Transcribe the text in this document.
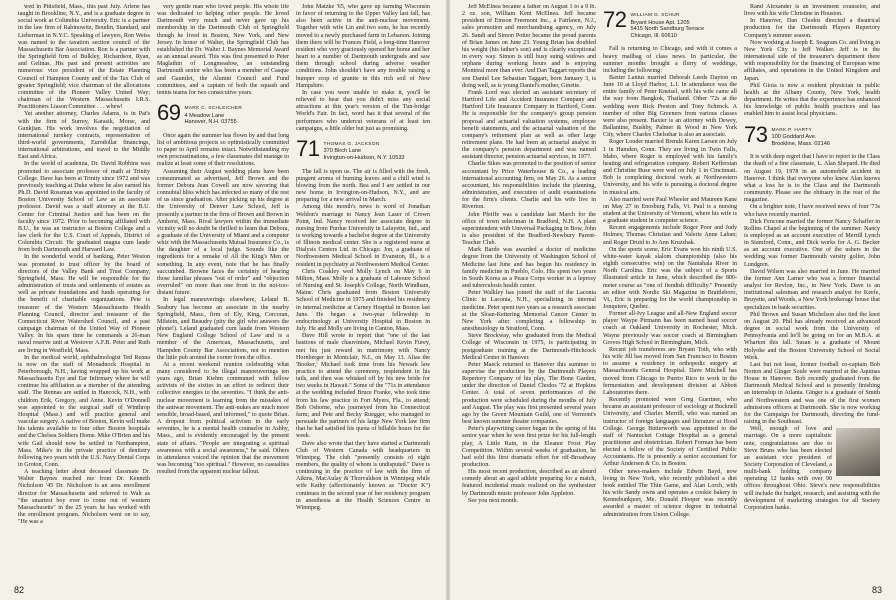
wed in Pittsfield, Mass., this past July. Arlene has taught in Brookline, N.Y., and is a graduate degree in social work at Columbia University. Eric is a partner in the law firm of Rabinowitz, Boudin, Standard, and Lieberman in N.Y.C. Speaking of lawyers, Ron Weiss was named to the taxation section council of the Massachusetts Bar Association. Ron is a partner with the Springfield firm of Bulkley, Richardson, Ryan, and Gelinas. His past and present activities are numerous: vice president of the Estate Planning Council of Hampton County and of the Tax Club of greater Springfield; vice chairman of the allocations committee of the Pioneer Valley United Way; chairman of the Western Massachusetts I.R.S. Practitioners Liason Committee . . . whew!

Yet another attorney, Charles Adams, is in Pat's with the firm of Surrey, Karasik, Morse, and Gunkjian. His work involves the negotiation of international turnkey contracts, representation of third-world governments, Eurodollar financings, international arbitrations, and travel to the Middle East and Africa.

In the world of academia, Dr. David Robbins was promoted to associate professor of math at Trinity College. Dave has been at Trinity since 1972 and was previously teaching at Duke where he also earned his Ph.D. David Rossman was appointed to the faculty of Boston University School of Law as an associate professor. David was a staff attorney at the B.U. Center for Criminal Justice and has been on the faculty since 1972. Prior to becoming affiliated with B.U., he was an instructor at Boston College and a law clerk for the U.S. Court of Appeals, District of Columbia Circuit. He graduated magna cum laude from both Dartmouth and Harvard Law.

In the wonderful world of banking, Peter Weston was promoted to trust officer by the board of directors of the Valley Bank and Trust Company, Springfield, Mass. He will be responsible for the administration of trusts and settlements of estates as well as private foundations and funds operating for the benefit of charitable organizations. Pete is treasurer of the Western Massachusetts Health Planning Council, director and treasurer of the Connecticut River Watershed Council, and a past campaign chairman of the United Way of Pioneer Valley. In his spare time he commands a 26-man naval reserve unit at Westover A.F.B. Peter and Ruth are living in Westfield, Mass.

In the medical world, ophthalmologist Ted Renna is now on the staff of Monadnock Hospital in Peterborough, N.H., having wrapped up his work at Massachusetts Eye and Ear Infirmary where he will continue his affiliation as a member of the attending staff. The Rennas are settled in Hancock, N.H., with children Erik, Gregory, and Anne. Kevin O'Donnell was appointed to the surgical staff of Winthrop Hospital (Mass.) and will practice general and vascular surgery. A native of Boston, Kevin will make his talents available to four other Boston hospitals and the Chelsea Soldiers Home. Mike O'Brien and his wife Gail should now be settled in Northampton, Mass. Mike's in the private practice of dentistry following two years with the U.S. Navy Dental Corps in Groton, Conn.

A teaching letter about deceased classmate Dr. Walter Baynes reached me from Dr. Kenneth Nicholson '45 Dr. Nicholson is an area enrollment director for Massachusetts and referred to Walt as "the smartest boy ever to come out of western Massachusetts" in the 25 years he has worked with the enrollment program. Nicholson went on to say, "He was a

very gentle man who loved people. His whole life was dedicated to helping other people. He loved Dartmouth very much and never gave up his membership in the Dartmouth Club of Springfield though he lived in Boston, New York, and New Jersey. In honor of Walter, the Springfield Club has established the Dr. Walter J. Baynes Memorial Award as an annual award. This was first presented to Peter Maglathin of Longmeadow, an outstanding Dartmouth senior who has been a member of Casque and Gauntlet, the Alumni Council and Fund committees, and a captain of both the squash and tennis teams for two consecutive years.

69 MARK C. SCHLEICHER
4 Meadow Lane
Hanover, N.H. 03755

Once again the summer has flown by and that long list of ambitious projects so optimistically committed to paper in April remains intact. Notwithstanding my own procrastinations, a few classmates did manage to realize at least some of their resolutions.

Assuming their August wedding plans have been consummated as advertised, Jeff Brown and the former Debora Jean Cowell are now savoring that connubial bliss which has infected so many of the rest of us since graduation. After picking up his degree at the University of Denver Law School, Jeff is presently a partner in the firm of Brown and Brown in Amherst, Mass. Rival lawyers within the immediate vicinity will no doubt be thrilled to learn that Debora, a graduate of the University of Miami and a computer whiz with the Massachusetts Mutual Insurance Co., is the daughter of a local judge. Sounds like the ingredients for a remake of All the King's Men or something. In any event, note that he has finally succumbed. Browne faces the certainty of hearing those familiar phrases "out of order" and "objection overruled" on more than one front in the not-too-distant future.

In legal maneuverings elsewhere, Leland B. Seabury has become an associate in the nearby Springfield, Mass., firm of Ely, King, Corcoran, Milstein, and Beaudry (pity the girl who answers the phone!). Leland graduated cum laude from Western New England College School of Law and is a member of the American, Massachusetts, and Hampden County Bar Associations, not to mention the little pub around the corner from the office.

At a recent weekend reunion celebrating what many considered to be illegal manoeuverings ten years ago, Brian Kiehm communed with fellow activists of the sixties in an effort to redirect their collective energies to the seventies. "I think the anti-nuclear movement is learning from the mistakes of the antiwar movement. The anti-nukes are much more sensible, broad-based, and informed," to quote Brian. A dropout from political activism in the early seventies, he is a mental health counselor in Ashby, Mass., and is evidently encouraged by the present state of affairs. "People are integrating a spiritual awareness with a social awareness," he said. Others in attendance voiced the opinion that the movement was becoming "too spiritual." However, no casualties resulted from the apparent nuclear fallout.

John Matzke '65, who gave up farming Wisconsin in favor of returning to the Upper Valley last fall, has also been active in the anti-nuclear movement. Together with wife Lin and two sons, he has recently moved to a newly purchased farm in Lebanon. Joining them there will be Frances Field, a long-time Hanover resident who very graciously opened her home and her heart to a number of Dartmouth undergrads and saw them through school during adverse weather conditions. John shouldn't have any trouble raising a bumper crop of granite in this rich soil of New Hampshire.

In case you were unable to make it, you'll be relieved to hear that you didn't miss any social attractions at this year's version of the Tun-bridge World's Fair. In fact, word has it that several of the performers who undercut veterans of at least ten campaigns, a little older but just as promising.

71 THOMAS G. JACKSON
370 Birch Lane
Irvington-on-Hudson, N.Y. 10533

The fall is upon us. The air is filled with the fresh, pungent aroma of burning leaves and a chill wind is blowing from the north. Bea and I are settled in our new home in Irvington-on-Hudson, N.Y., and are preparing for a new arrival in March.

Among this month's news is word of Jonathan Weldon's marriage to Nancy Jean Laser of Crown Point, Ind. Nancy received her associate degree in nursing from Purdue University in Lafayette, Ind., and is working towards a bachelor degree at the University of Illinois medical center. She is a registered nurse at Dialysis Centers Ltd. in Chicago. Jon, a graduate of Northwestern Medical School in Evanston, Ill., is a resident in psychiatry at Northwestern Medical Center.

Chris Coakley wed Molly Lynch on May 6 in Milton, Mass. Molly is a graduate of Laboure School of Nursing and St. Joseph's College, North Windham, Maine. Chris graduated from Boston University School of Medicine in 1975 and finished his residency in internal medicine at Carney Hospital in Boston last June. He began a two-year fellowship in endocrinology at University Hospital in Boston in July. He and Molly are living in Canton, Mass.

Dave Hill wrote to report that "one of the last bastions of male chauvinism, Michael Kevin Furey, met his just reward in matrimony with Nancy Hornberger in Montclair, N.J., on May 13. Alias the 'Booker,' Michael took time from his Newark law practice to attend the ceremony, resplendent in his tails, and then was whisked off by his new bride for two weeks in Hawaii." Some of the "71s in attendance at the wedding included Bruce Franke, who took time from his law practice in Fort Myers, Fla., to attend; Bob Osborne, who journeyed from his Connecticut farm; and Pete and Becky Ruegger, who managed to persuade the partners of his large New York law firm that he had satisfied his quota of billable hours for the week.

Dave also wrote that they have started a Dartmouth Club of Western Canada with headquarters in Winnipeg. The club "presently consists of eight members, the quality of whom is undisputed." Dave is continuing in the practice of law with the firm of Aikins, MacAulay & Thorvaldson in Winnipeg while wife Kathy (affectionately known as "Doctor K") continues in the second year of her residency program in anesthesia at the Health Sciences Centre in Winnipeg.

82

Jeff McElnea became a father on August 1 to a 9 lb. 2 oz. son, William Kent McElnea. Jeff became president of Emson Freemont Inc., a Fairlawn, N.J., sales promotion and merchandising agency, on July 26. Sandi and Simon Potter became the proud parents of Brian James on June 23. Young Brian has doubled his weight (his father's son) and is clearly exceptional in every way. Simon is still busy suing widows and orphans during working hours and is enjoying Montreal more than ever. And Dan Taggart reports that son Daniel Lee Sebastian Taggart, born January 3, is doing well, as is young Daniel's mother, Ginette.

Frank Lord was elected an assistant secretary of Hartford Life and Accident Insurance Company and Hartford Life Insurance Company in Hartford, Conn. He is responsible for the company's group pension proposal and actuarial valuation systems, employee benefit statements, and the actuarial valuation of the company's retirement plan as well as other large retirement plans. He had been an actuarial analyst in the company's pension department and was named assistant director, pension actuarial services, in 1977.

Charlie Sikes was promoted to the position of senior accountant by Price Waterhouse & Co., a leading international accounting firm, on May 26. As a senior accountant, his responsibilities include the planning, administration, and execution of audit examinations for the firm's clients. Charlie and his wife live in Riverton.

John Pfeiffe was a candidate last March for the office of town selectman in Bradford, N.H. A plant superintendent with Universal Packaging in Bow, John is also president of the Bradford-Newbury Parent-Teacher Club.

Mark Bardo was awarded a doctor of medicine degree from the University of Washington School of Medicine last June and has begun his residency in family medicine in Pueblo, Colo. His spent two years in South Korea as a Peace Corps worker in a leprosy and tuberculosis health center.

Peter Walkley has joined the staff of the Laconia Clinic in Laconia, N.H., specializing in internal medicine. Peter spent two years as a research associate at the Sloan-Kettering Memorial Cancer Center in New York after completing a fellowship in anesthesiology in Stratford, Conn.

Steve Brockway, who graduated from the Medical College of Wisconsin in 1975, is participating in postgraduate training at the Dartmouth-Hitchcock Medical Center in Hanover.

Peter Maeck returned to Hanover this summer to supervise the production by the Dartmouth Players Repertory Company of his play, The Bone Garden, under the direction of Daniel Chodos '72 at Hopkins Center. A total of seven performances of the production were scheduled during the months of July and August. The play was first presented several years ago by the Green Mountain Guild, one of Vermont's best known summer theater companies.

Peter's playwriting career began in the spring of his senior year when he won first prize for his full-length play, A Little Rain, in the Eleanor Frost Play Competition. Within several weeks of graduation, he had sold this first dramatic effort for off-Broadway production.

His most recent production, described as an absurd comedy about an aged athlete preparing for a match, featured incidental music realized on the synthesizer by Dartmouth music professor John Appleton.

See you next month.

72 WILLIAM G. SCHUR
Bryant House Apt. 1205
5415 North Sandburg Terrace
Chicago, Ill. 60610

Fall is returning to Chicago, and with it comes a heavy mailbag of class news. In particular, the summer months brought a flurry of weddings, including the following:

Baxter Lanius married Deborah Leeds Dayton on June 10 at Lloyd Harbor, L.I. In attendance was the entire family of Peter Kneisel, with his wife came all the way from Bangkok, Thailand. Other '72s at the wedding were Rick Preston and Tony Schenck. A number of other Big Greeners from various classes were also present. Baxter is an attorney with Dewey, Ballantine, Bushby, Palmer & Wood in New York City, where Charles Chelsehar is also an associate.

Roger Louder married Brenda Karen Larsen on July 1 in Hamden, Conn. They are living in Twin Falls, Idaho, where Roger is employed with his family's heating and refrigeration company. Robert Kefferstan and Christine Buse were wed on July 1 in Cincinnati. Bob is completing doctoral work at Northwestern University, and his wife is pursuing a doctoral degree in musical arts.

Also married were Paul Wheeler and Maureen Kane on May 27 in Enosburg Falls, Vt. Paul is a nursing student at the University of Vermont, where his wife is a graduate student in computer science.

Recent engagements include Roger Poor and Judy Holmes; Thomas Christian and Valerie Anne Laban; and Roger Druid to Jo Ann Kruzshak.

On the sports scene, Eric Evans won his ninth U.S. white-water kayak slalom championship (also his eighth consecutive win) on the Nantahala River in North Carolina. Eric was the subject of a Sports Illustrated article in June, which described the 800-meter course as "one of fiendish difficulty." Presently an editor with Nordic Ski Magazine in Brattleboro, Vt., Eric is preparing for the world championship in Jonquiere, Quebec.

Former all-Ivy League and all-New England soccer player Waype Pirmann has been named head soccer coach at Oakland University in Rochester, Mich. Wayne previously was soccer coach at Birmingham Groves High School in Birmingham, Mich.

Recent job transferees are Bryant Toth, who with his wife Jill has moved from San Francisco to Boston to assume a residency in orthopedic surgery at Massachusetts General Hospital. Dave Mitchell has moved from Chicago to Puerto Rico to work in the fermentation and development division at Abbott Laboratories there.

Recently promoted were Greg Guertner, who became an assistant professor of sociology at Bucknell University, and Charles Merrill, who was named an instructor of foreign languages and literature at Hood College. George Butterworth was appointed to the staff of Nantucket Cottage Hospital as a general practitioner and obstetrician. Robert Forman has been elected a fellow of the Society of Certified Public Accountants. He is presently a senior accountant for Arthur Andersen & Co. in Boston.

Other news-makers include Edwin Bayd, now living in New York, who recently published a diet book entitled The Thin Game, and Alan Lorch, with his wife Sandy owns and operates a cookie bakery in Kennebunkport, Me. Donald Hooper was recently awarded a master of science degree in industrial administration from Union College.

Rand Alexander is an investment counselor, and lives with his wife Christine in Houston.

In Hanover, Dan Chodos directed a theatrical production for the Dartmouth Players Repertory Company's summer season.

Now working at Joseph E. Seagram Co. and living in New York City is Jeff Walker. Jeff is in the international side of the treasurer's department there with responsibility for the financing of European wine affiliates, and operations in the United Kingdom and Japan.

Phil Gioia is now a resident physician in public health at the Albany County, New York, health department. He writes that the experience has enhanced his knowledge of public health practices and has enabled him to assist local physicians.

73 MARK P. HARTY
100 Goddard Ave.
Brookline, Mass. 02146

It is with deep regret that I have to report to the Class the death of a fine classmate, L. Alan Shepard. He died on August 19, 1978 in an automobile accident in Hanover. I think that everyone who knew Alan knows what a loss he is to the Class and the Dartmouth community. Please see the obituary in the rear of the magazine.

On a brighter note, I have received news of four '73s who have recently married.

Dick Fencone married the former Nancy Schaffer in Rollins Chapel at the beginning of the summer. Nancy is employed as an account executive of Merrill Lynch in Stamford, Conn., and Dick works for A. G. Becker as an account executive. One of the ushers in the wedding was former Dartmouth varsity golfer, John Lundgren.

David Wilson was also married in June. He married the former Ann Larner who was a former financial analyst for Revlon, Inc., in New York. Dave is an institutional salesman and research analyst for Keefe, Bruyette, and Woods, a New York brokerage house that specializes in bank securities.

Phil Brown and Susan Michelson also tied the knot on August 20. Phil has already received an advanced degree in social work from the University of Pennsylvania and he'll be going on for an M.B.A. at Wharton this fall. Susan is a graduate of Mount Holyoke and the Boston University School of Social Work.

Last but not least, former football co-captain Bob Norton and Ginger Soule were married at the Aquinas House in Hanover. Bob recently graduated from the Dartmouth Medical School and is presently finishing an internship in Atlanta. Ginger is a graduate of Smith and Northwestern and was one of the first women admissions officers at Dartmouth. She is now working for the Campaign for Dartmouth, directing the fund-raising in the Southeast.

Well, enough of love and marriage. On a more capitalistic note, congratulations are due to Steve Bruns who has been elected an assistant vice president of Society Corporation of Cleveland, a multi-bank holding company operating 12 banks with over 90 offices throughout Ohio. Steve's new responsibilities will include the budget, research, and assisting with the development of marketing strategies for all Society Corporation banks.

83
